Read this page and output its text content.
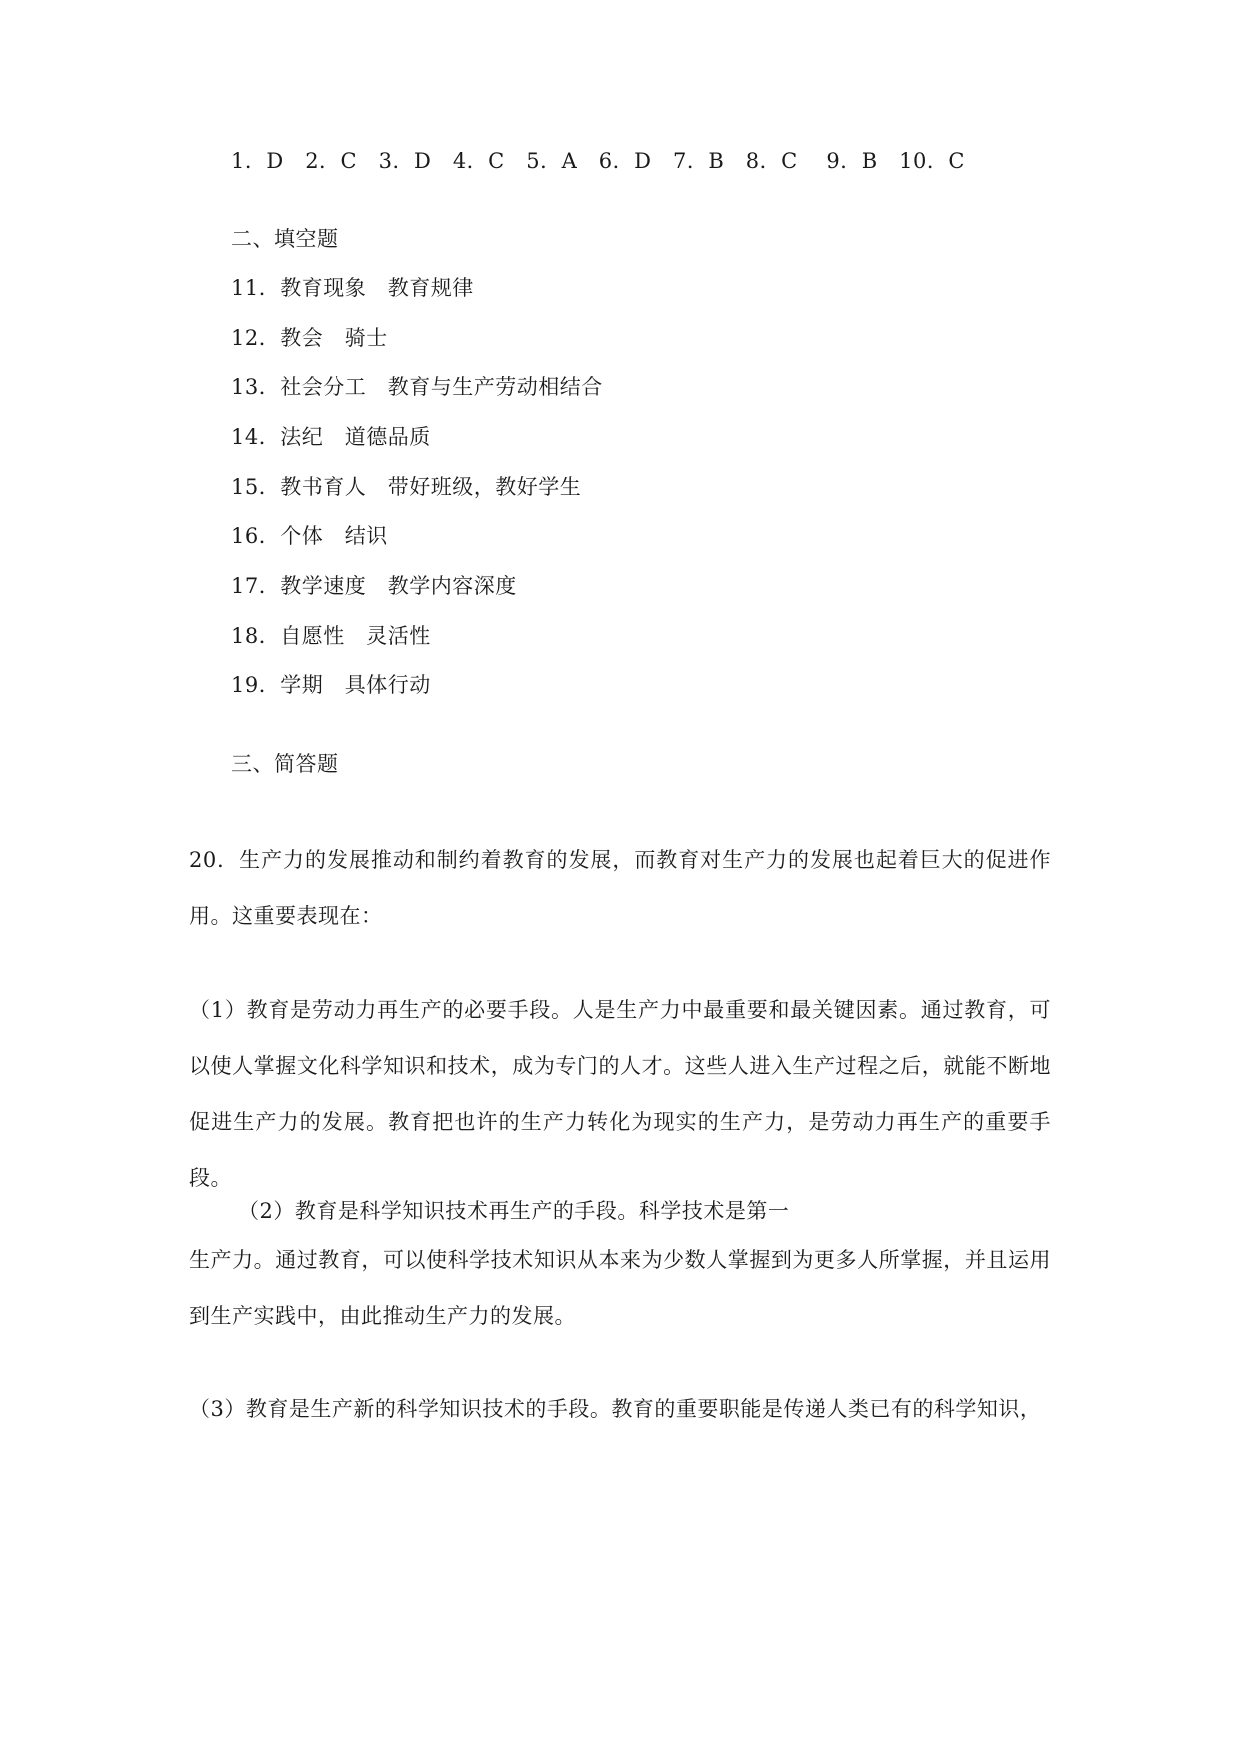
1．D　2．C　3．D　4．C　5．A　6．D　7．B　8．C　 9．B　10．C
二、填空题
11．教育现象　教育规律
12．教会　骑士
13．社会分工　教育与生产劳动相结合
14．法纪　道德品质
15．教书育人　带好班级，教好学生
16．个体　结识
17．教学速度　教学内容深度
18．自愿性　灵活性
19．学期　具体行动
三、简答题
20．生产力的发展推动和制约着教育的发展，而教育对生产力的发展也起着巨大的促进作用。这重要表现在：
（1）教育是劳动力再生产的必要手段。人是生产力中最重要和最关键因素。通过教育，可以使人掌握文化科学知识和技术，成为专门的人才。这些人进入生产过程之后，就能不断地促进生产力的发展。教育把也许的生产力转化为现实的生产力，是劳动力再生产的重要手段。
（2）教育是科学知识技术再生产的手段。科学技术是第一
生产力。通过教育，可以使科学技术知识从本来为少数人掌握到为更多人所掌握，并且运用到生产实践中，由此推动生产力的发展。
（3）教育是生产新的科学知识技术的手段。教育的重要职能是传递人类已有的科学知识，
